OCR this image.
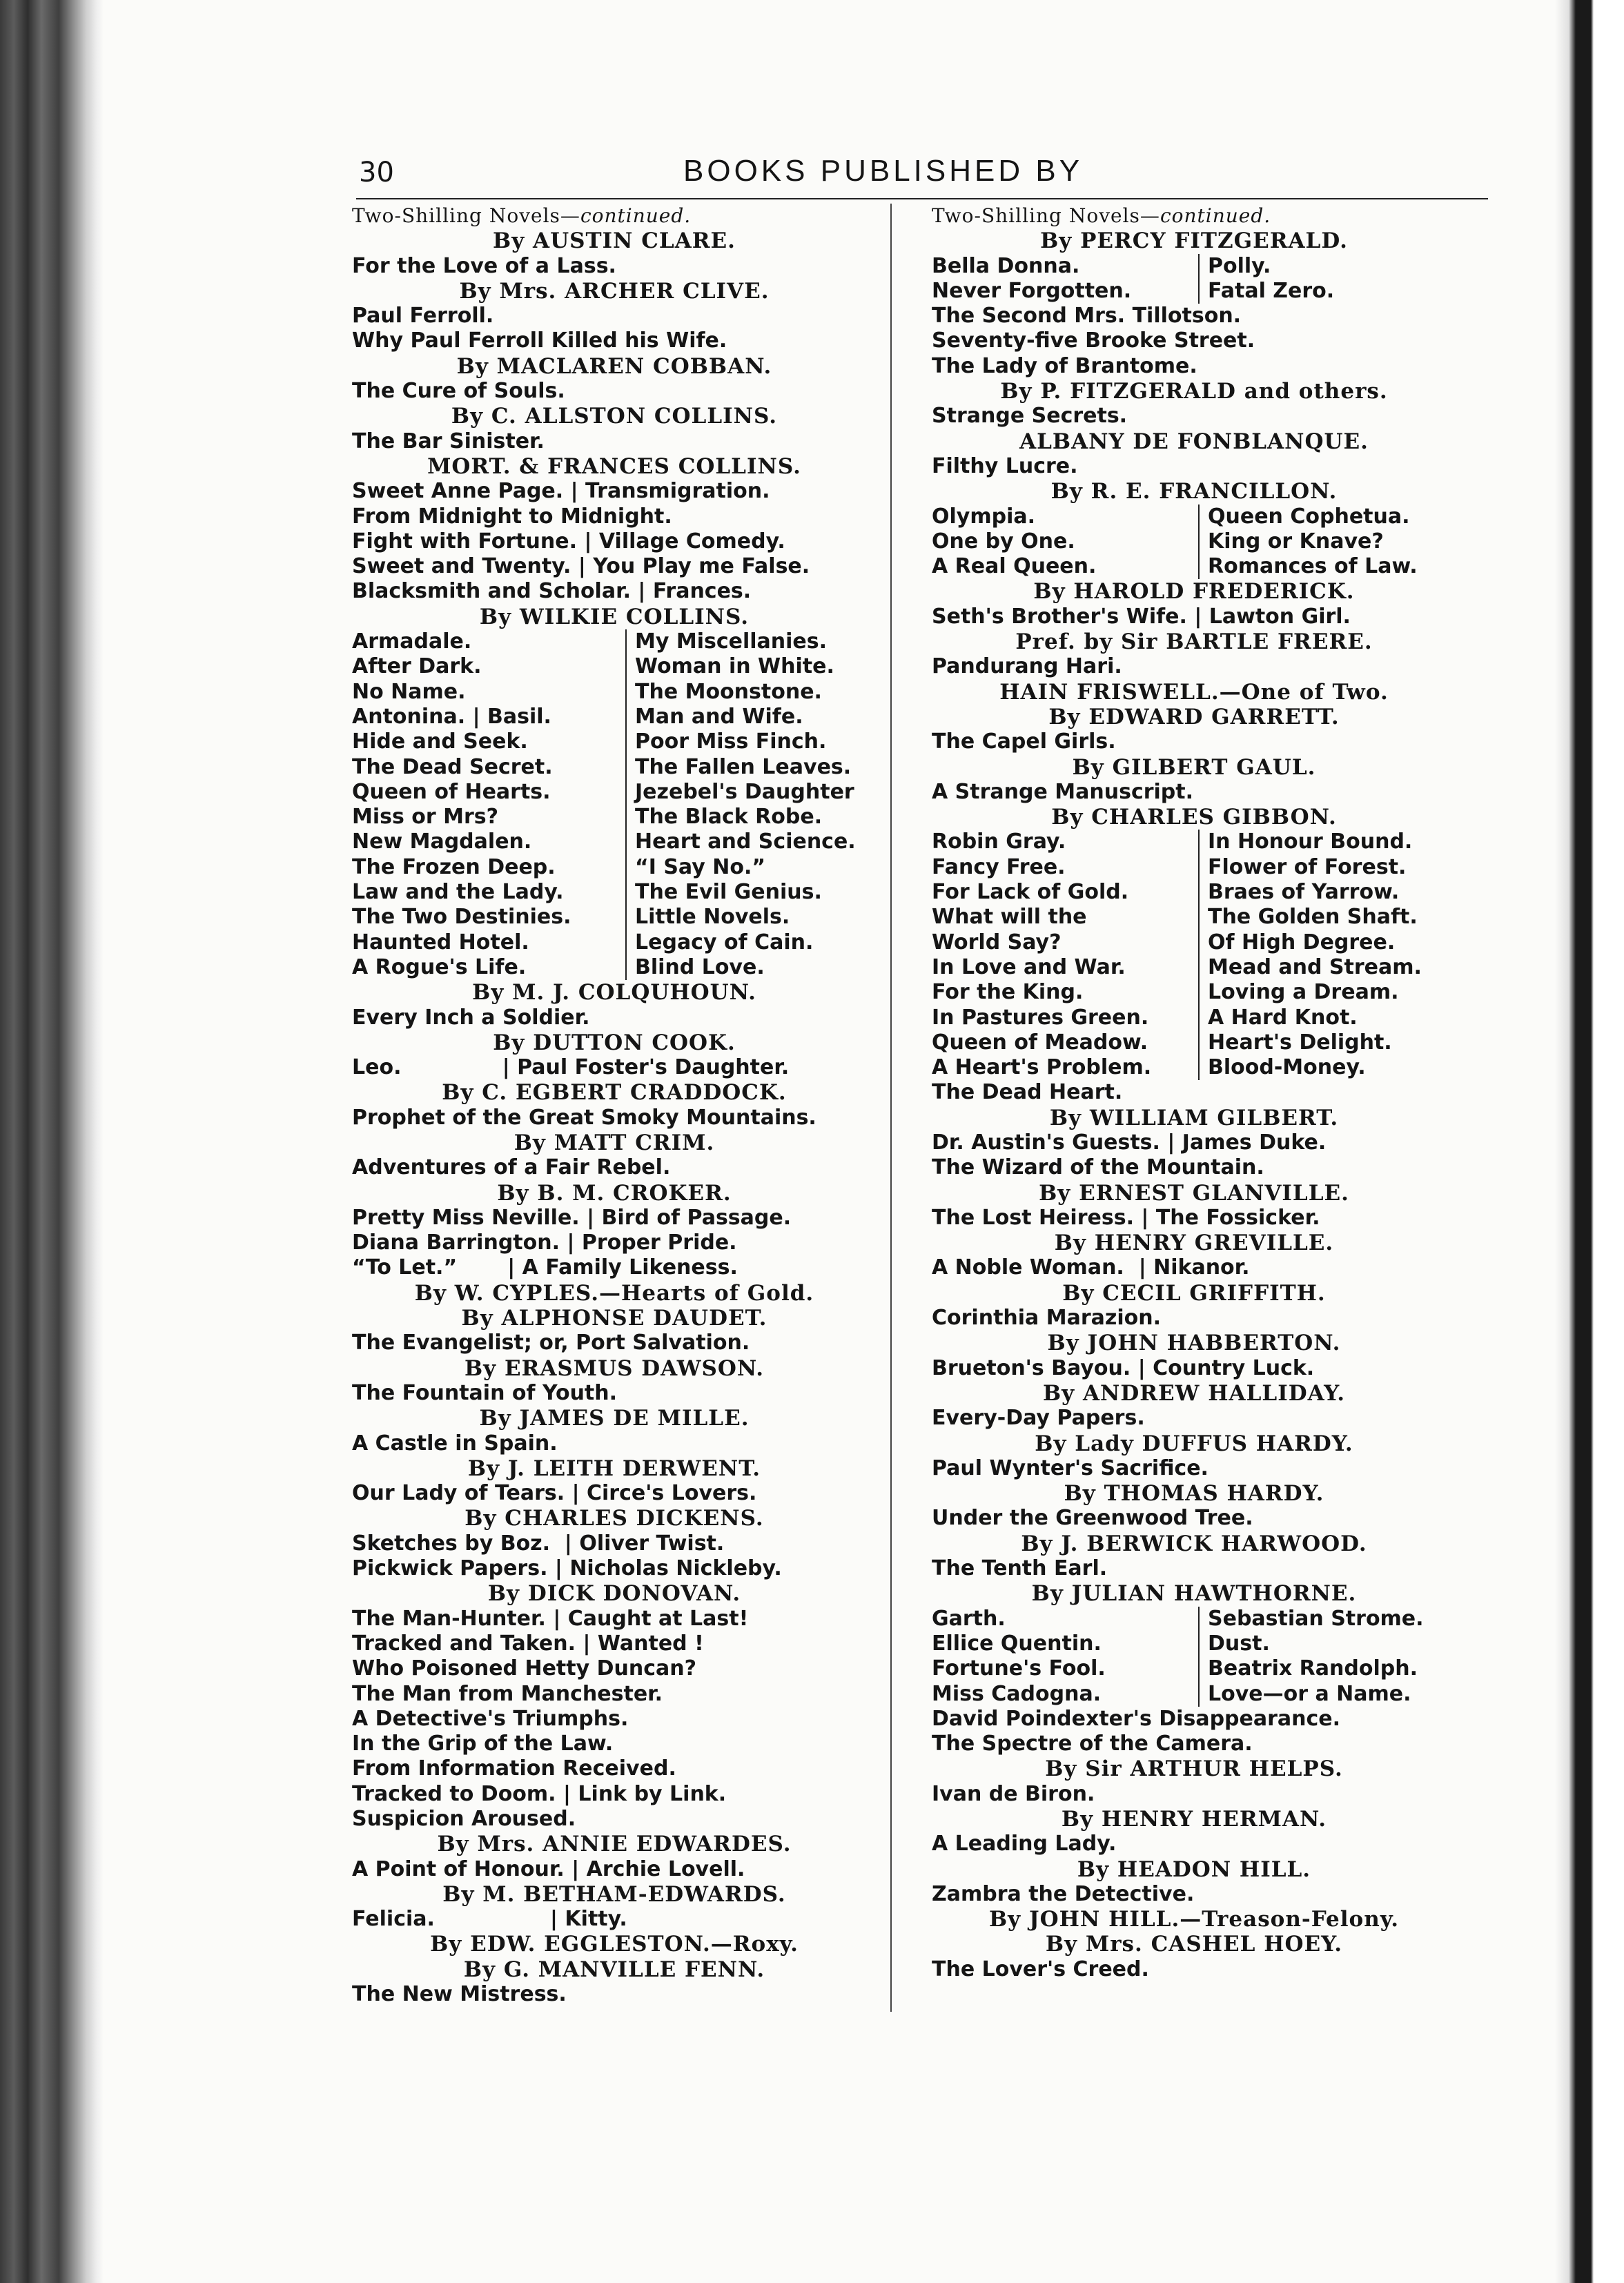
30	BOOKS PUBLISHED BY
Two-Shilling Novels—continued.
By AUSTIN CLARE.
For the Love of a Lass.
By Mrs. ARCHER CLIVE.
Paul Ferroll.
Why Paul Ferroll Killed his Wife.
By MACLAREN COBBAN.
The Cure of Souls.
By C. ALLSTON COLLINS.
The Bar Sinister.
MORT. & FRANCES COLLINS.
Sweet Anne Page. | Transmigration.
From Midnight to Midnight.
Fight with Fortune. | Village Comedy.
Sweet and Twenty. | You Play me False.
Blacksmith and Scholar. | Frances.
By WILKIE COLLINS.
Armadale.	My Miscellanies.
After Dark.	Woman in White.
No Name.	The Moonstone.
Antonina. | Basil.	Man and Wife.
Hide and Seek.	Poor Miss Finch.
The Dead Secret.	The Fallen Leaves.
Queen of Hearts.	Jezebel's Daughter
Miss or Mrs?	The Black Robe.
New Magdalen.	Heart and Science.
The Frozen Deep.	“I Say No.”
Law and the Lady.	The Evil Genius.
The Two Destinies.	Little Novels.
Haunted Hotel.	Legacy of Cain.
A Rogue's Life.	Blind Love.
By M. J. COLQUHOUN.
Every Inch a Soldier.
By DUTTON COOK.
Leo.              | Paul Foster's Daughter.
By C. EGBERT CRADDOCK.
Prophet of the Great Smoky Mountains.
By MATT CRIM.
Adventures of a Fair Rebel.
By B. M. CROKER.
Pretty Miss Neville. | Bird of Passage.
Diana Barrington. | Proper Pride.
“To Let.”       | A Family Likeness.
By W. CYPLES.—Hearts of Gold.
By ALPHONSE DAUDET.
The Evangelist; or, Port Salvation.
By ERASMUS DAWSON.
The Fountain of Youth.
By JAMES DE MILLE.
A Castle in Spain.
By J. LEITH DERWENT.
Our Lady of Tears. | Circe's Lovers.
By CHARLES DICKENS.
Sketches by Boz.  | Oliver Twist.
Pickwick Papers. | Nicholas Nickleby.
By DICK DONOVAN.
The Man-Hunter. | Caught at Last!
Tracked and Taken. | Wanted !
Who Poisoned Hetty Duncan?
The Man from Manchester.
A Detective's Triumphs.
In the Grip of the Law.
From Information Received.
Tracked to Doom. | Link by Link.
Suspicion Aroused.
By Mrs. ANNIE EDWARDES.
A Point of Honour. | Archie Lovell.
By M. BETHAM-EDWARDS.
Felicia.                | Kitty.
By EDW. EGGLESTON.—Roxy.
By G. MANVILLE FENN.
The New Mistress.
Two-Shilling Novels—continued.
By PERCY FITZGERALD.
Bella Donna.	Polly.
Never Forgotten.	Fatal Zero.
The Second Mrs. Tillotson.
Seventy-five Brooke Street.
The Lady of Brantome.
By P. FITZGERALD and others.
Strange Secrets.
ALBANY DE FONBLANQUE.
Filthy Lucre.
By R. E. FRANCILLON.
Olympia.	Queen Cophetua.
One by One.	King or Knave?
A Real Queen.	Romances of Law.
By HAROLD FREDERICK.
Seth's Brother's Wife. | Lawton Girl.
Pref. by Sir BARTLE FRERE.
Pandurang Hari.
HAIN FRISWELL.—One of Two.
By EDWARD GARRETT.
The Capel Girls.
By GILBERT GAUL.
A Strange Manuscript.
By CHARLES GIBBON.
Robin Gray.	In Honour Bound.
Fancy Free.	Flower of Forest.
For Lack of Gold.	Braes of Yarrow.
What will the	The Golden Shaft.
World Say?	Of High Degree.
In Love and War.	Mead and Stream.
For the King.	Loving a Dream.
In Pastures Green.	A Hard Knot.
Queen of Meadow.	Heart's Delight.
A Heart's Problem.	Blood-Money.
The Dead Heart.
By WILLIAM GILBERT.
Dr. Austin's Guests. | James Duke.
The Wizard of the Mountain.
By ERNEST GLANVILLE.
The Lost Heiress. | The Fossicker.
By HENRY GREVILLE.
A Noble Woman.  | Nikanor.
By CECIL GRIFFITH.
Corinthia Marazion.
By JOHN HABBERTON.
Brueton's Bayou. | Country Luck.
By ANDREW HALLIDAY.
Every-Day Papers.
By Lady DUFFUS HARDY.
Paul Wynter's Sacrifice.
By THOMAS HARDY.
Under the Greenwood Tree.
By J. BERWICK HARWOOD.
The Tenth Earl.
By JULIAN HAWTHORNE.
Garth.	Sebastian Strome.
Ellice Quentin.	Dust.
Fortune's Fool.	Beatrix Randolph.
Miss Cadogna.	Love—or a Name.
David Poindexter's Disappearance.
The Spectre of the Camera.
By Sir ARTHUR HELPS.
Ivan de Biron.
By HENRY HERMAN.
A Leading Lady.
By HEADON HILL.
Zambra the Detective.
By JOHN HILL.—Treason-Felony.
By Mrs. CASHEL HOEY.
The Lover's Creed.
